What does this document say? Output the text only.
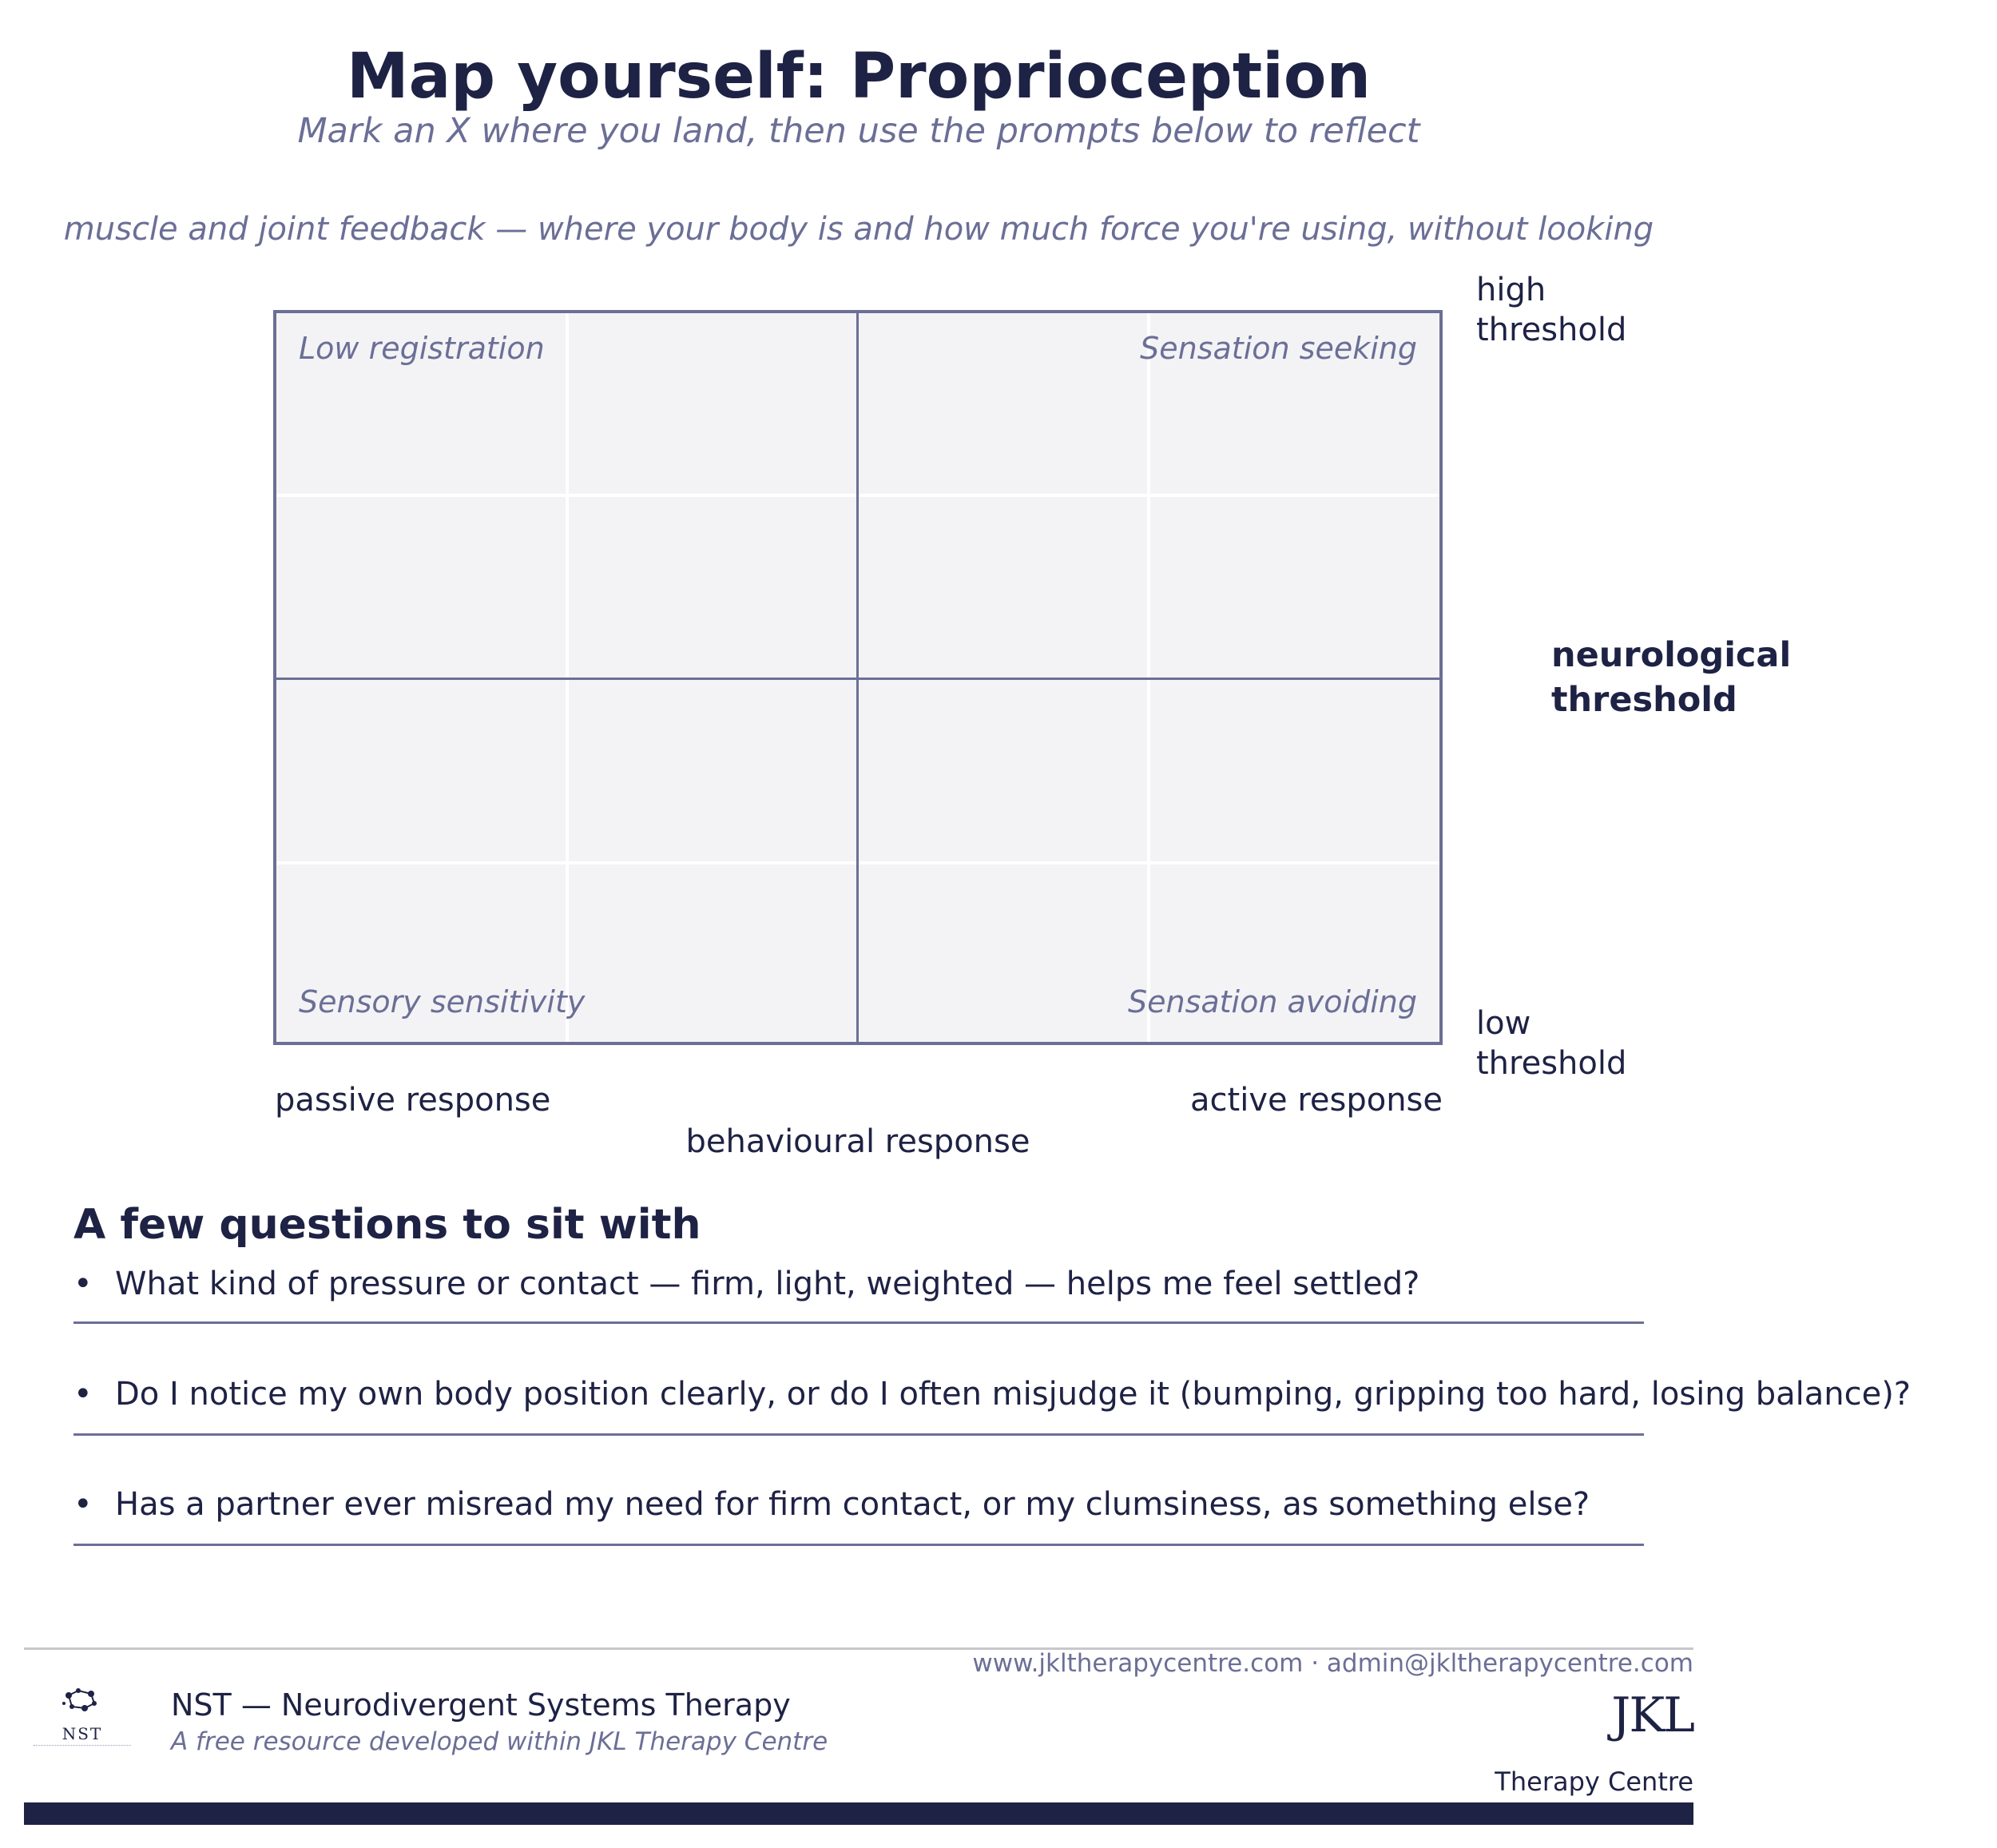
Map yourself: Proprioception
Mark an X where you land, then use the prompts below to reflect
muscle and joint feedback — where your body is and how much force you're using, without looking
Low registration	Sensation seeking
Sensory sensitivity	Sensation avoiding
high
threshold
neurological
threshold
low
threshold
passive response	active response
behavioural response
A few questions to sit with
• What kind of pressure or contact — firm, light, weighted — helps me feel settled?
• Do I notice my own body position clearly, or do I often misjudge it (bumping, gripping too hard, losing balance)?
• Has a partner ever misread my need for firm contact, or my clumsiness, as something else?
www.jkltherapycentre.com · admin@jkltherapycentre.com
NST
NST — Neurodivergent Systems Therapy
A free resource developed within JKL Therapy Centre	JKL
Therapy Centre
